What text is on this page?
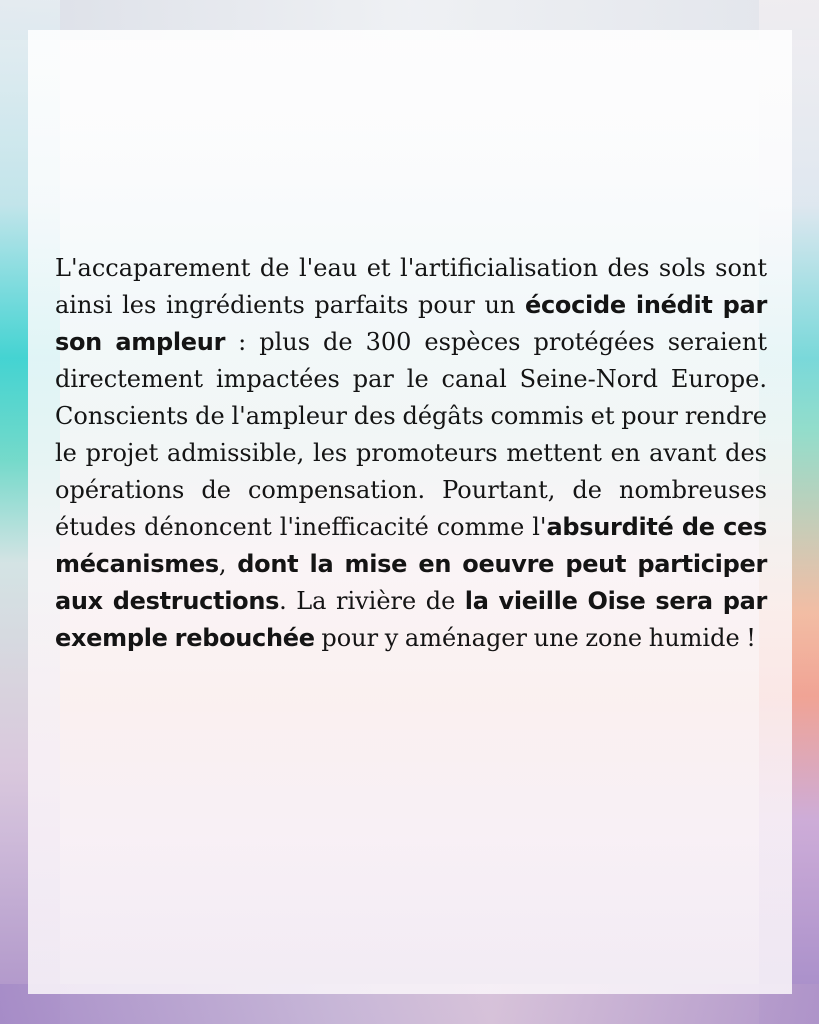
L'accaparement de l'eau et l'artificialisation des sols sont ainsi les ingrédients parfaits pour un écocide inédit par son ampleur : plus de 300 espèces protégées seraient directement impactées par le canal Seine-Nord Europe. Conscients de l'ampleur des dégâts commis et pour rendre le projet admissible, les promoteurs mettent en avant des opérations de compensation. Pourtant, de nombreuses études dénoncent l'inefficacité comme l'absurdité de ces mécanismes, dont la mise en oeuvre peut participer aux destructions. La rivière de la vieille Oise sera par exemple rebouchée pour y aménager une zone humide !
